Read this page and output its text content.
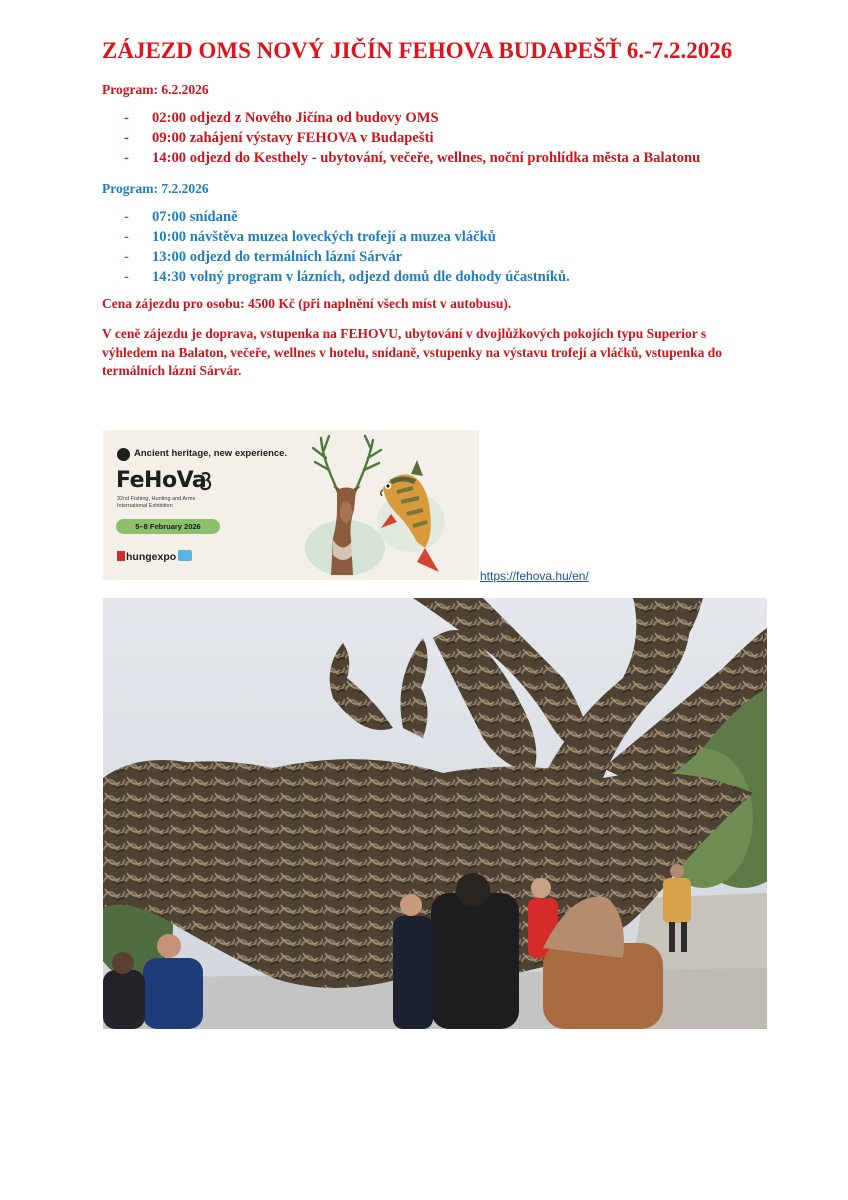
ZÁJEZD OMS NOVÝ JIČÍN FEHOVA BUDAPEŠŤ 6.-7.2.2026

Program: 6.2.2026

- 02:00 odjezd z Nového Jičína od budovy OMS
- 09:00 zahájení výstavy FEHOVA v Budapešti
- 14:00 odjezd do Kesthely - ubytování, večeře, wellnes, noční prohlídka města a Balatonu

Program: 7.2.2026

- 07:00 snídaně
- 10:00 návštěva muzea loveckých trofejí a muzea vláčků
- 13:00 odjezd do termálních lázní Sárvár
- 14:30 volný program v lázních, odjezd domů dle dohody účastníků.

Cena zájezdu pro osobu: 4500 Kč (při naplnění všech míst v autobusu).

V ceně zájezdu je doprava, vstupenka na FEHOVU, ubytování v dvojlůžkových pokojích typu Superior s výhledem na Balaton, večeře, wellnes v hotelu, snídaně, vstupenky na výstavu trofejí a vláčků, vstupenka do termálních lázní Sárvár.

Ancient heritage, new experience.
FeHoVa
32nd Fishing, Hunting and Arms International Exhibition
5–8 February 2026
hungexpo
https://fehova.hu/en/
